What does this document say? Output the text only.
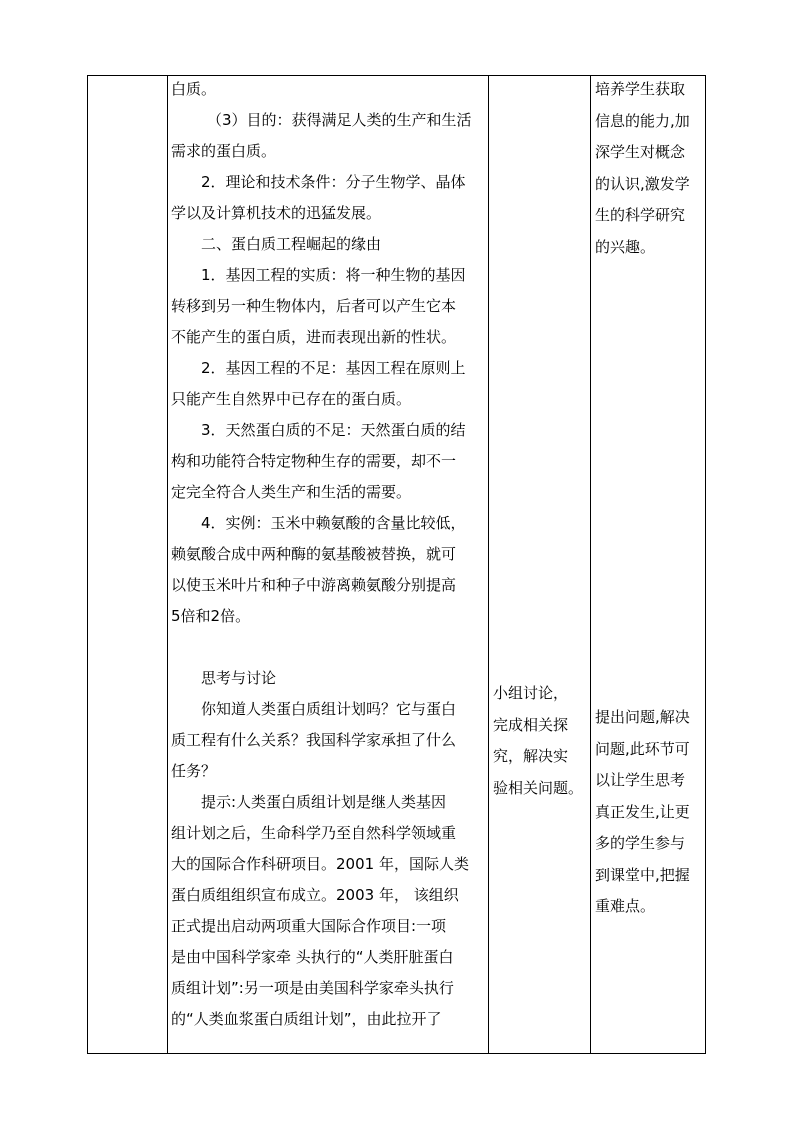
白质。
（3）目的：获得满足人类的生产和生活
需求的蛋白质。
2．理论和技术条件：分子生物学、晶体
学以及计算机技术的迅猛发展。
二、蛋白质工程崛起的缘由
1．基因工程的实质：将一种生物的基因
转移到另一种生物体内，后者可以产生它本
不能产生的蛋白质，进而表现出新的性状。
2．基因工程的不足：基因工程在原则上
只能产生自然界中已存在的蛋白质。
3．天然蛋白质的不足：天然蛋白质的结
构和功能符合特定物种生存的需要，却不一
定完全符合人类生产和生活的需要。
4．实例：玉米中赖氨酸的含量比较低，
赖氨酸合成中两种酶的氨基酸被替换，就可
以使玉米叶片和种子中游离赖氨酸分别提高
5倍和2倍。

思考与讨论
你知道人类蛋白质组计划吗？它与蛋白
质工程有什么关系？我国科学家承担了什么
任务？
提示:人类蛋白质组计划是继人类基因
组计划之后，生命科学乃至自然科学领域重
大的国际合作科研项目。2001 年，国际人类
蛋白质组组织宣布成立。2003 年， 该组织
正式提出启动两项重大国际合作项目:一项
是由中国科学家牵 头执行的“人类肝脏蛋白
质组计划”:另一项是由美国科学家牵头执行
的“人类血浆蛋白质组计划”，由此拉开了
小组讨论，
完成相关探
究，解决实
验相关问题。
培养学生获取
信息的能力,加
深学生对概念
的认识,激发学
生的科学研究
的兴趣。
提出问题,解决
问题,此环节可
以让学生思考
真正发生,让更
多的学生参与
到课堂中,把握
重难点。
